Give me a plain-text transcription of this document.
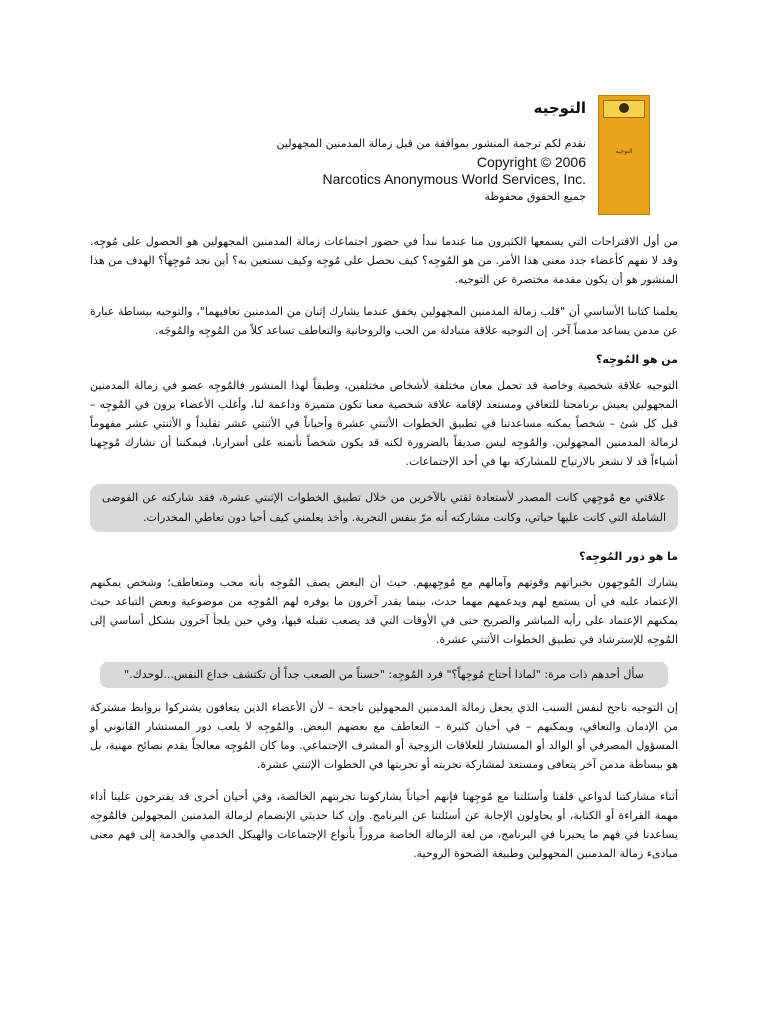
التوجيه
التوجيه
نقدم لكم ترجمة المنشور بموافقة من قبل زمالة المدمنين المجهولين
Copyright © 2006
Narcotics Anonymous World Services, Inc.
جميع الحقوق محفوظة

من أول الاقتراحات التي يسمعها الكثيرون منا عندما نبدأ في حضور اجتماعات زمالة المدمنين المجهولين هو الحصول على مُوجِه. وقد لا نفهم كأعضاء جدد معنى هذا الأمر. من هو المُوجِه؟ كيف نحصل على مُوجِه وكيف نستعين به؟ أين نجد مُوجِهاً؟ الهدف من هذا المنشور هو أن يكون مقدمة مختصرة عن التوجيه.

يعلمنا كتابنا الأساسي أن "قلب زمالة المدمنين المجهولين يخفق عندما يشارك إثنان من المدمنين تعافيهما"، والتوجيه ببساطة عبارة عن مدمن يساعد مدمناً آخر. إن التوجيه علاقة متبادلة من الحب والروحانية والتعاطف تساعد كلاً من المُوجِه والمُوجَه.

من هو المُوجِه؟

التوجيه علاقة شخصية وخاصة قد تحمل معان مختلفة لأشخاص مختلفين، وطبقاً لهذا المنشور فالمُوجِه عضو في زمالة المدمنين المجهولين يعيش برنامجنا للتعافي ومستعد لإقامة علاقة شخصية معنا تكون متميزة وداعمة لنا، وأغلب الأعضاء يرون في المُوجِه – قبل كل شئ – شخصاً يمكنه مساعدتنا في تطبيق الخطوات الأثنتي عشرة وأحياناً في الأثنتي عشر تقليداً و الأثنتي عشر مفهوماً لزمالة المدمنين المجهولين. والمُوجِه ليس صديقاً بالضرورة لكنه قد يكون شخصاً نأتمنه على أسرارنا، فيمكننا أن نشارك مُوجِهنا أشياءاً قد لا نشعر بالارتياح للمشاركة بها في أحد الإجتماعات.

علاقتي مع مُوجِهي كانت المصدر لأستعادة ثقتي بالآخرين من خلال تطبيق الخطوات الإثنتي عشرة، فقد شاركته عن الفوضى الشاملة التي كانت عليها حياتي، وكانت مشاركته أنه مرّ بنفس التجربة. وأخذ يعلمني كيف أحيا دون تعاطي المخدرات.
ما هو دور المُوجِه؟

يشارك المُوجِهون بخبراتهم وقوتهم وآمالهم مع مُوجِهيهم. حيث أن البعض يصف المُوجِه بأنه محب ومتعاطف؛ وشخص يمكنهم الإعتماد عليه في أن يستمع لهم ويدعمهم مهما حدث، بينما يقدر آخرون ما يوفره لهم المُوجِه من موضوعية وبعض التباعد حيث يمكنهم الإعتماد على رأيه المباشر والصريح حتى في الأوقات التي قد يصعب تقبله فيها، وفي حين يلجأ آخرون بشكل أساسي إلى المُوجِه للإسترشاد في تطبيق الخطوات الأثنتي عشرة.

سأل أحدهم ذات مرة: "لماذا أحتاج مُوجِهاً؟" فرد المُوجِه: "حسناً من الصعب جداً أن تكتشف خداع النفس...لوحدك."

إن التوجيه ناجح لنفس السبب الذي يجعل زمالة المدمنين المجهولين ناجحة – لأن الأعضاء الذين يتعافون يشتركوا بروابط مشتركة من الإدمان والتعافي، ويمكنهم – في أحيان كثيرة – التعاطف مع بعضهم البعض. والمُوجِه لا يلعب دور المستشار القانوني أو المسؤول المصرفي أو الوالد أو المستشار للعلاقات الزوجية أو المشرف الإجتماعي. وما كان المُوجِه معالجاً يقدم نصائح مهنية، بل هو ببساطة مدمن آخر يتعافى ومستعد لمشاركة تجربته أو تجربتها في الخطوات الإثنتي عشرة.

أثناء مشاركتنا لدواعي قلقنا وأسئلتنا مع مُوجِهنا فإنهم أحياناً يشاركوننا تجربتهم الخالصة، وفي أحيان أخرى قد يقترحون علينا أداء مهمة القراءة أو الكتابة، أو يحاولون الإجابة عن أسئلتنا عن البرنامج. وإن كنا حديثي الإنضمام لزمالة المدمنين المجهولين فالمُوجِه يساعدنا في فهم ما يحيرنا في البرنامج، من لغة الزمالة الخاصة مروراً بأنواع الإجتماعات والهيكل الخدمي والخدمة إلى فهم معنى مبادىء زمالة المدمنين المجهولين وطبيعة الصحوة الروحية.
